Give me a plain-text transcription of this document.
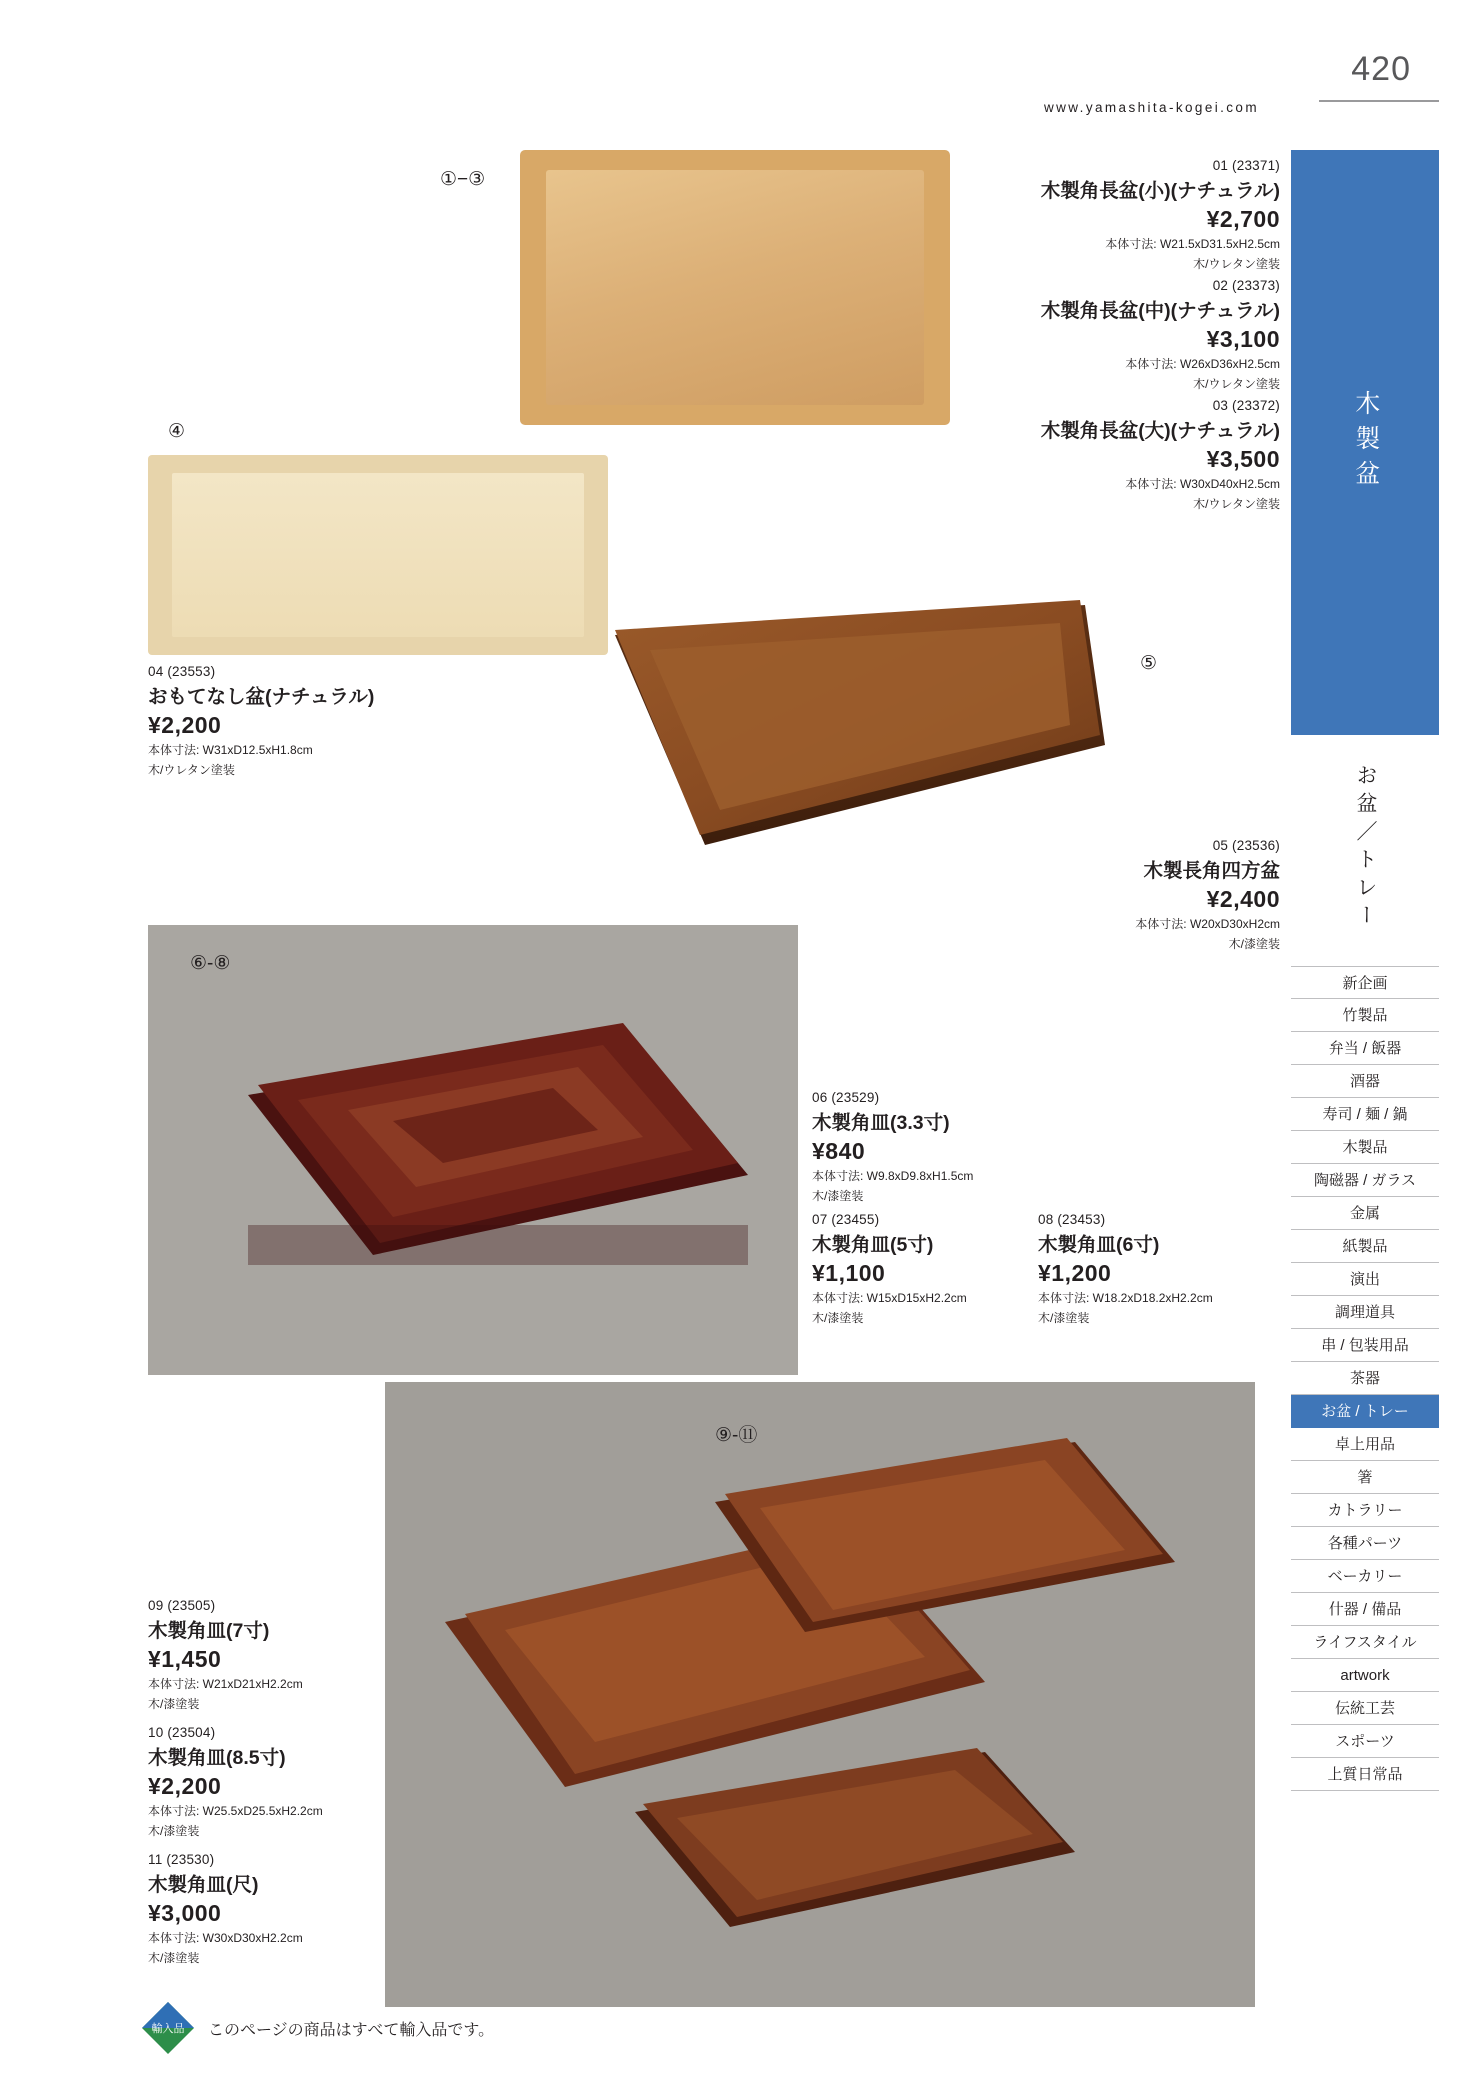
420
www.yamashita-kogei.com
①−③
④
⑤
⑥-⑧
⑨-⑪
01 (23371)
木製角長盆(小)(ナチュラル)
¥2,700
本体寸法: W21.5xD31.5xH2.5cm
木/ウレタン塗装
02 (23373)
木製角長盆(中)(ナチュラル)
¥3,100
本体寸法: W26xD36xH2.5cm
木/ウレタン塗装
03 (23372)
木製角長盆(大)(ナチュラル)
¥3,500
本体寸法: W30xD40xH2.5cm
木/ウレタン塗装
04 (23553)
おもてなし盆(ナチュラル)
¥2,200
本体寸法: W31xD12.5xH1.8cm
木/ウレタン塗装
05 (23536)
木製長角四方盆
¥2,400
本体寸法: W20xD30xH2cm
木/漆塗装
06 (23529)
木製角皿(3.3寸)
¥840
本体寸法: W9.8xD9.8xH1.5cm
木/漆塗装
07 (23455)
木製角皿(5寸)
¥1,100
本体寸法: W15xD15xH2.2cm
木/漆塗装
08 (23453)
木製角皿(6寸)
¥1,200
本体寸法: W18.2xD18.2xH2.2cm
木/漆塗装
09 (23505)
木製角皿(7寸)
¥1,450
本体寸法: W21xD21xH2.2cm
木/漆塗装
10 (23504)
木製角皿(8.5寸)
¥2,200
本体寸法: W25.5xD25.5xH2.2cm
木/漆塗装
11 (23530)
木製角皿(尺)
¥3,000
本体寸法: W30xD30xH2.2cm
木/漆塗装
木製盆
お盆／トレー
新企画
竹製品
弁当 / 飯器
酒器
寿司 / 麺 / 鍋
木製品
陶磁器 / ガラス
金属
紙製品
演出
調理道具
串 / 包装用品
茶器
お盆 / トレー
卓上用品
箸
カトラリー
各種パーツ
ベーカリー
什器 / 備品
ライフスタイル
artwork
伝統工芸
スポーツ
上質日常品
輸入品 このページの商品はすべて輸入品です。
